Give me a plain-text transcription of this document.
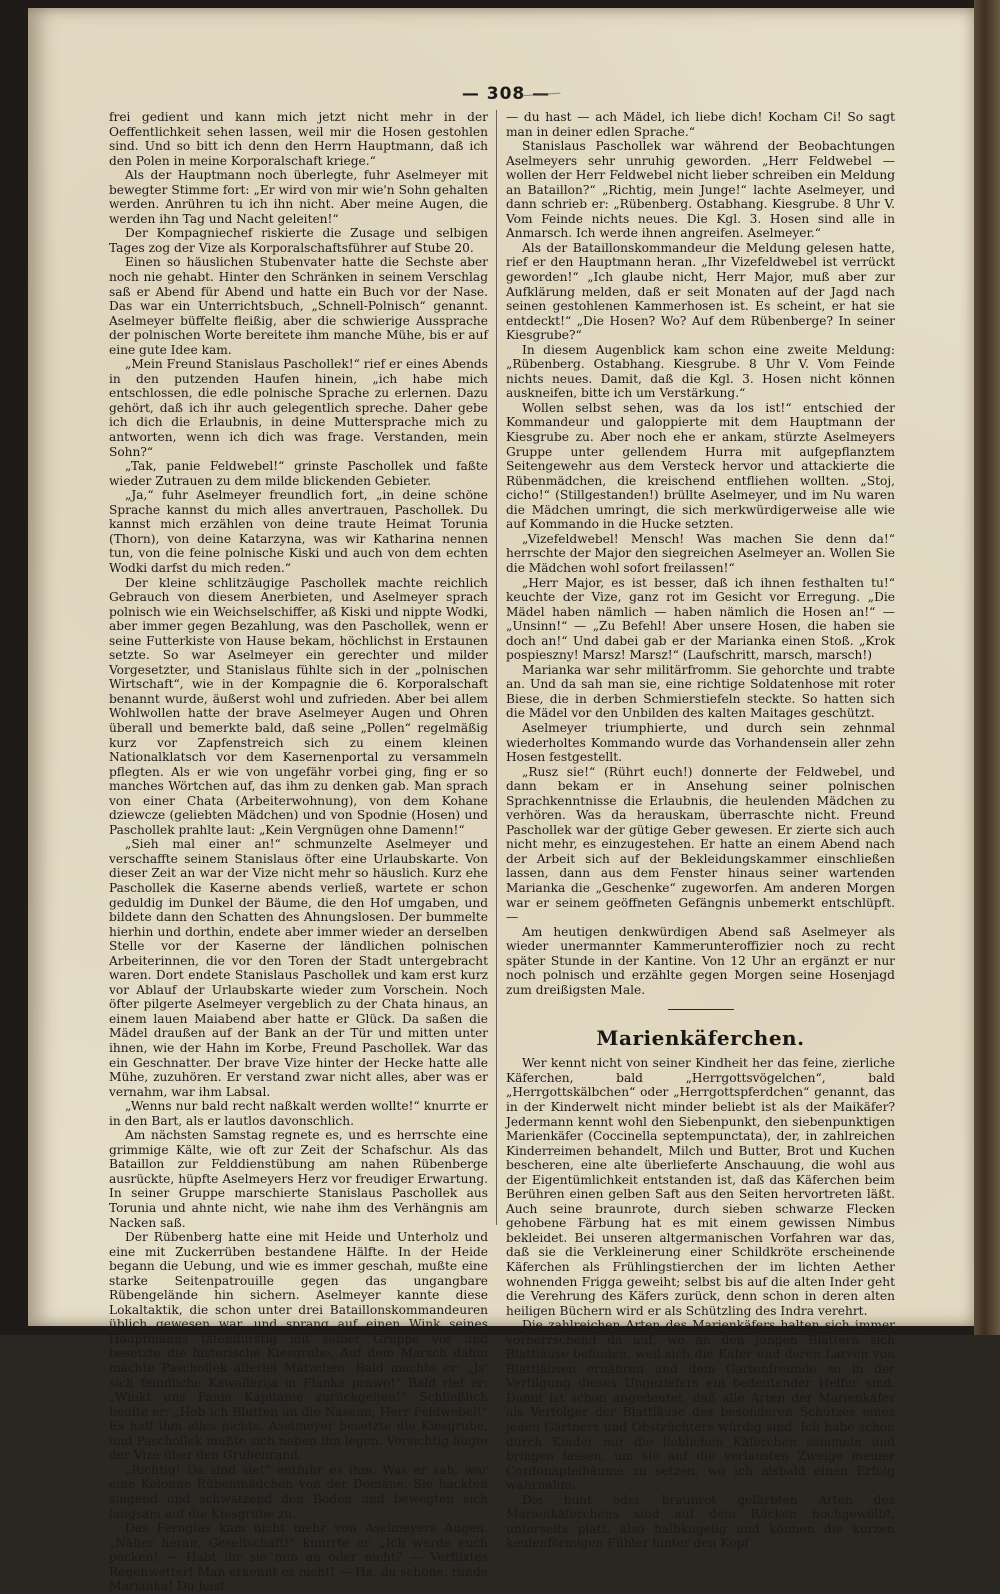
— 308 —

frei gedient und kann mich jetzt nicht mehr in der Oeffentlichkeit sehen lassen, weil mir die Hosen gestohlen sind. Und so bitt ich denn den Herrn Hauptmann, daß ich den Polen in meine Korporalschaft kriege.“

Als der Hauptmann noch überlegte, fuhr Aselmeyer mit bewegter Stimme fort: „Er wird von mir wie'n Sohn gehalten werden. Anrühren tu ich ihn nicht. Aber meine Augen, die werden ihn Tag und Nacht geleiten!“

Der Kompagniechef riskierte die Zusage und selbigen Tages zog der Vize als Korporalschaftsführer auf Stube 20.

Einen so häuslichen Stubenvater hatte die Sechste aber noch nie gehabt. Hinter den Schränken in seinem Verschlag saß er Abend für Abend und hatte ein Buch vor der Nase. Das war ein Unterrichtsbuch, „Schnell-Polnisch“ genannt. Aselmeyer büffelte fleißig, aber die schwierige Aussprache der polnischen Worte bereitete ihm manche Mühe, bis er auf eine gute Idee kam.

„Mein Freund Stanislaus Paschollek!“ rief er eines Abends in den putzenden Haufen hinein, „ich habe mich entschlossen, die edle polnische Sprache zu erlernen. Dazu gehört, daß ich ihr auch gelegentlich spreche. Daher gebe ich dich die Erlaubnis, in deine Muttersprache mich zu antworten, wenn ich dich was frage. Verstanden, mein Sohn?“

„Tak, panie Feldwebel!“ grinste Paschollek und faßte wieder Zutrauen zu dem milde blickenden Gebieter.

„Ja,“ fuhr Aselmeyer freundlich fort, „in deine schöne Sprache kannst du mich alles anvertrauen, Paschollek. Du kannst mich erzählen von deine traute Heimat Torunia (Thorn), von deine Katarzyna, was wir Katharina nennen tun, von die feine polnische Kiski und auch von dem echten Wodki darfst du mich reden.“

Der kleine schlitzäugige Paschollek machte reichlich Gebrauch von diesem Anerbieten, und Aselmeyer sprach polnisch wie ein Weichselschiffer, aß Kiski und nippte Wodki, aber immer gegen Bezahlung, was den Paschollek, wenn er seine Futterkiste von Hause bekam, höchlichst in Erstaunen setzte. So war Aselmeyer ein gerechter und milder Vorgesetzter, und Stanislaus fühlte sich in der „polnischen Wirtschaft“, wie in der Kompagnie die 6. Korporalschaft benannt wurde, äußerst wohl und zufrieden. Aber bei allem Wohlwollen hatte der brave Aselmeyer Augen und Ohren überall und bemerkte bald, daß seine „Pollen“ regelmäßig kurz vor Zapfenstreich sich zu einem kleinen Nationalklatsch vor dem Kasernenportal zu versammeln pflegten. Als er wie von ungefähr vorbei ging, fing er so manches Wörtchen auf, das ihm zu denken gab. Man sprach von einer Chata (Arbeiterwohnung), von dem Kohane dziewcze (geliebten Mädchen) und von Spodnie (Hosen) und Paschollek prahlte laut: „Kein Vergnügen ohne Damenn!“

„Sieh mal einer an!“ schmunzelte Aselmeyer und verschaffte seinem Stanislaus öfter eine Urlaubskarte. Von dieser Zeit an war der Vize nicht mehr so häuslich. Kurz ehe Paschollek die Kaserne abends verließ, wartete er schon geduldig im Dunkel der Bäume, die den Hof umgaben, und bildete dann den Schatten des Ahnungslosen. Der bummelte hierhin und dorthin, endete aber immer wieder an derselben Stelle vor der Kaserne der ländlichen polnischen Arbeiterinnen, die vor den Toren der Stadt untergebracht waren. Dort endete Stanislaus Paschollek und kam erst kurz vor Ablauf der Urlaubskarte wieder zum Vorschein. Noch öfter pilgerte Aselmeyer vergeblich zu der Chata hinaus, an einem lauen Maiabend aber hatte er Glück. Da saßen die Mädel draußen auf der Bank an der Tür und mitten unter ihnen, wie der Hahn im Korbe, Freund Paschollek. War das ein Geschnatter. Der brave Vize hinter der Hecke hatte alle Mühe, zuzuhören. Er verstand zwar nicht alles, aber was er vernahm, war ihm Labsal.

„Wenns nur bald recht naßkalt werden wollte!“ knurrte er in den Bart, als er lautlos davonschlich.

Am nächsten Samstag regnete es, und es herrschte eine grimmige Kälte, wie oft zur Zeit der Schafschur. Als das Bataillon zur Felddienstübung am nahen Rübenberge ausrückte, hüpfte Aselmeyers Herz vor freudiger Erwartung. In seiner Gruppe marschierte Stanislaus Paschollek aus Torunia und ahnte nicht, wie nahe ihm des Verhängnis am Nacken saß.

Der Rübenberg hatte eine mit Heide und Unterholz und eine mit Zuckerrüben bestandene Hälfte. In der Heide begann die Uebung, und wie es immer geschah, mußte eine starke Seitenpatrouille gegen das ungangbare Rübengelände hin sichern. Aselmeyer kannte diese Lokaltaktik, die schon unter drei Bataillonskommandeuren üblich gewesen war, und sprang auf einen Wink seines Hauptmanns tatendurstig mit seiner Gruppe vor und besetzte die historische Kiesgrube. Auf dem Marsch dahin machte Paschollek allerlei Mätzchen. Bald machte er: „Js' sich feindliche Kawallerija in Flanke prawo!“ Bald rief er: „Winkt uns Panie Kapitanie zurückgehen!“ Schließlich heulte er: „Hob ich Blutten an die Nasenn, Herr Feldwebel!“ Es half ihm alles nichts. Aselmeyer besetzte die Kiesgrube, und Paschollek mußte sich neben ihn legen. Vorsichtig äugte der Vize über den Grubenrand.

„Richtig! Da sind sie!“ entfuhr es ihm. Was er sah, war eine Kolonne Rübenmädchen von der Domäne. Sie hackten singend und schwatzend den Boden und bewegten sich langsam auf die Kiesgrube zu.

Das Fernglas kam nicht mehr von Aselmeyers Augen. „Näher heran, Gesellschaft!“ knurrte er. „Ich werde euch packen! — Habt ihr sie nun an oder nicht? — Verflixtes Regenwetter! Man erkennt es nicht! — Ha, du schöne, runde Marianka! Du hast

— du hast — ach Mädel, ich liebe dich! Kocham Ci! So sagt man in deiner edlen Sprache.“

Stanislaus Paschollek war während der Beobachtungen Aselmeyers sehr unruhig geworden. „Herr Feldwebel — wollen der Herr Feldwebel nicht lieber schreiben ein Meldung an Bataillon?“ „Richtig, mein Junge!“ lachte Aselmeyer, und dann schrieb er: „Rübenberg. Ostabhang. Kiesgrube. 8 Uhr V. Vom Feinde nichts neues. Die Kgl. 3. Hosen sind alle in Anmarsch. Ich werde ihnen angreifen. Aselmeyer.“

Als der Bataillonskommandeur die Meldung gelesen hatte, rief er den Hauptmann heran. „Ihr Vizefeldwebel ist verrückt geworden!“ „Ich glaube nicht, Herr Major, muß aber zur Aufklärung melden, daß er seit Monaten auf der Jagd nach seinen gestohlenen Kammerhosen ist. Es scheint, er hat sie entdeckt!“ „Die Hosen? Wo? Auf dem Rübenberge? In seiner Kiesgrube?“

In diesem Augenblick kam schon eine zweite Meldung: „Rübenberg. Ostabhang. Kiesgrube. 8 Uhr V. Vom Feinde nichts neues. Damit, daß die Kgl. 3. Hosen nicht können auskneifen, bitte ich um Verstärkung.“

Wollen selbst sehen, was da los ist!“ entschied der Kommandeur und galoppierte mit dem Hauptmann der Kiesgrube zu. Aber noch ehe er ankam, stürzte Aselmeyers Gruppe unter gellendem Hurra mit aufgepflanztem Seitengewehr aus dem Versteck hervor und attackierte die Rübenmädchen, die kreischend entfliehen wollten. „Stoj, cicho!“ (Stillgestanden!) brüllte Aselmeyer, und im Nu waren die Mädchen umringt, die sich merkwürdigerweise alle wie auf Kommando in die Hucke setzten.

„Vizefeldwebel! Mensch! Was machen Sie denn da!“ herrschte der Major den siegreichen Aselmeyer an. Wollen Sie die Mädchen wohl sofort freilassen!“

„Herr Major, es ist besser, daß ich ihnen festhalten tu!“ keuchte der Vize, ganz rot im Gesicht vor Erregung. „Die Mädel haben nämlich — haben nämlich die Hosen an!“ — „Unsinn!“ — „Zu Befehl! Aber unsere Hosen, die haben sie doch an!“ Und dabei gab er der Marianka einen Stoß. „Krok pospieszny! Marsz! Marsz!“ (Laufschritt, marsch, marsch!)

Marianka war sehr militärfromm. Sie gehorchte und trabte an. Und da sah man sie, eine richtige Soldatenhose mit roter Biese, die in derben Schmierstiefeln steckte. So hatten sich die Mädel vor den Unbilden des kalten Maitages geschützt.

Aselmeyer triumphierte, und durch sein zehnmal wiederholtes Kommando wurde das Vorhandensein aller zehn Hosen festgestellt.

„Rusz sie!“ (Rührt euch!) donnerte der Feldwebel, und dann bekam er in Ansehung seiner polnischen Sprachkenntnisse die Erlaubnis, die heulenden Mädchen zu verhören. Was da herauskam, überraschte nicht. Freund Paschollek war der gütige Geber gewesen. Er zierte sich auch nicht mehr, es einzugestehen. Er hatte an einem Abend nach der Arbeit sich auf der Bekleidungskammer einschließen lassen, dann aus dem Fenster hinaus seiner wartenden Marianka die „Geschenke“ zugeworfen. Am anderen Morgen war er seinem geöffneten Gefängnis unbemerkt entschlüpft. —

Am heutigen denkwürdigen Abend saß Aselmeyer als wieder unermannter Kammerunteroffizier noch zu recht später Stunde in der Kantine. Von 12 Uhr an ergänzt er nur noch polnisch und erzählte gegen Morgen seine Hosenjagd zum dreißigsten Male.

Marienkäferchen.

Wer kennt nicht von seiner Kindheit her das feine, zierliche Käferchen, bald „Herrgottsvögelchen“, bald „Herrgottskälbchen“ oder „Herrgottspferdchen“ genannt, das in der Kinderwelt nicht minder beliebt ist als der Maikäfer? Jedermann kennt wohl den Siebenpunkt, den siebenpunktigen Marienkäfer (Coccinella septempunctata), der, in zahlreichen Kinderreimen behandelt, Milch und Butter, Brot und Kuchen bescheren, eine alte überlieferte Anschauung, die wohl aus der Eigentümlichkeit entstanden ist, daß das Käferchen beim Berühren einen gelben Saft aus den Seiten hervortreten läßt. Auch seine braunrote, durch sieben schwarze Flecken gehobene Färbung hat es mit einem gewissen Nimbus bekleidet. Bei unseren altgermanischen Vorfahren war das, daß sie die Verkleinerung einer Schildkröte erscheinende Käferchen als Frühlingstierchen der im lichten Aether wohnenden Frigga geweiht; selbst bis auf die alten Inder geht die Verehrung des Käfers zurück, denn schon in deren alten heiligen Büchern wird er als Schützling des Indra verehrt.

Die zahlreichen Arten des Marienkäfers halten sich immer vorherrschend da auf, wo an den jungen Blättern sich Blattläuse befinden, weil sich die Käfer und deren Larven von Blattläusen ernähren und dem Gartenfreunde so in der Vertilgung dieses Ungeziefers ein bedeutender Helfer sind. Damit ist schon angedeutet, daß alle Arten der Marienkäfer als Verfolger der Blattläuse des besonderen Schutzes eines jeden Gärtners und Obstzüchters würdig sind. Ich habe schon durch Kinder mir die lieblichen Käferchen sammeln und bringen lassen, um sie auf die verlausten Zweige meiner Cordonapfelbäume zu setzen, wo ich alsbald einen Erfolg wahrnahm.

Die bunt oder braunrot gefärbten Arten des Marienkäferchens sind auf dem Rücken hochgewölbt, unterseits platt, also halbkugelig und können die kurzen keulenförmigen Fühler hinter den Kopf
